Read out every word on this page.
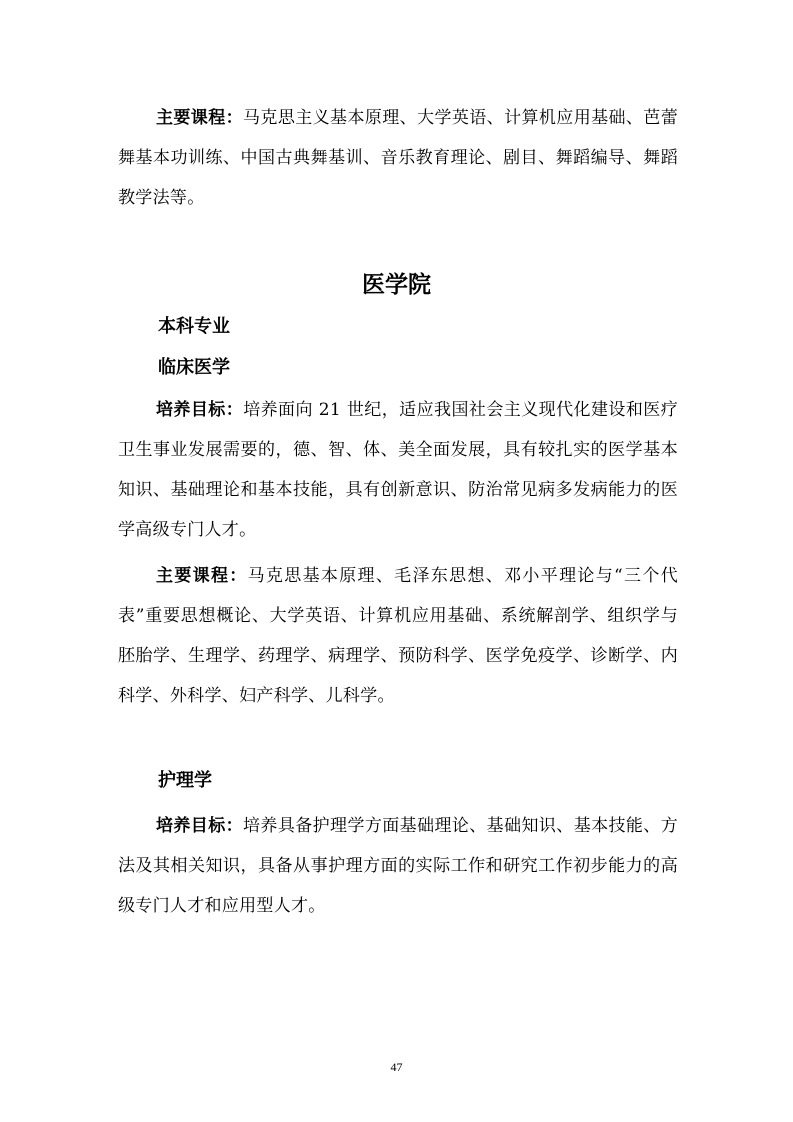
主要课程：马克思主义基本原理、大学英语、计算机应用基础、芭蕾舞基本功训练、中国古典舞基训、音乐教育理论、剧目、舞蹈编导、舞蹈教学法等。

医学院
本科专业
临床医学

培养目标：培养面向 21 世纪，适应我国社会主义现代化建设和医疗卫生事业发展需要的，德、智、体、美全面发展，具有较扎实的医学基本知识、基础理论和基本技能，具有创新意识、防治常见病多发病能力的医学高级专门人才。

主要课程：马克思基本原理、毛泽东思想、邓小平理论与“三个代表”重要思想概论、大学英语、计算机应用基础、系统解剖学、组织学与胚胎学、生理学、药理学、病理学、预防科学、医学免疫学、诊断学、内科学、外科学、妇产科学、儿科学。

护理学

培养目标：培养具备护理学方面基础理论、基础知识、基本技能、方法及其相关知识，具备从事护理方面的实际工作和研究工作初步能力的高级专门人才和应用型人才。

47
